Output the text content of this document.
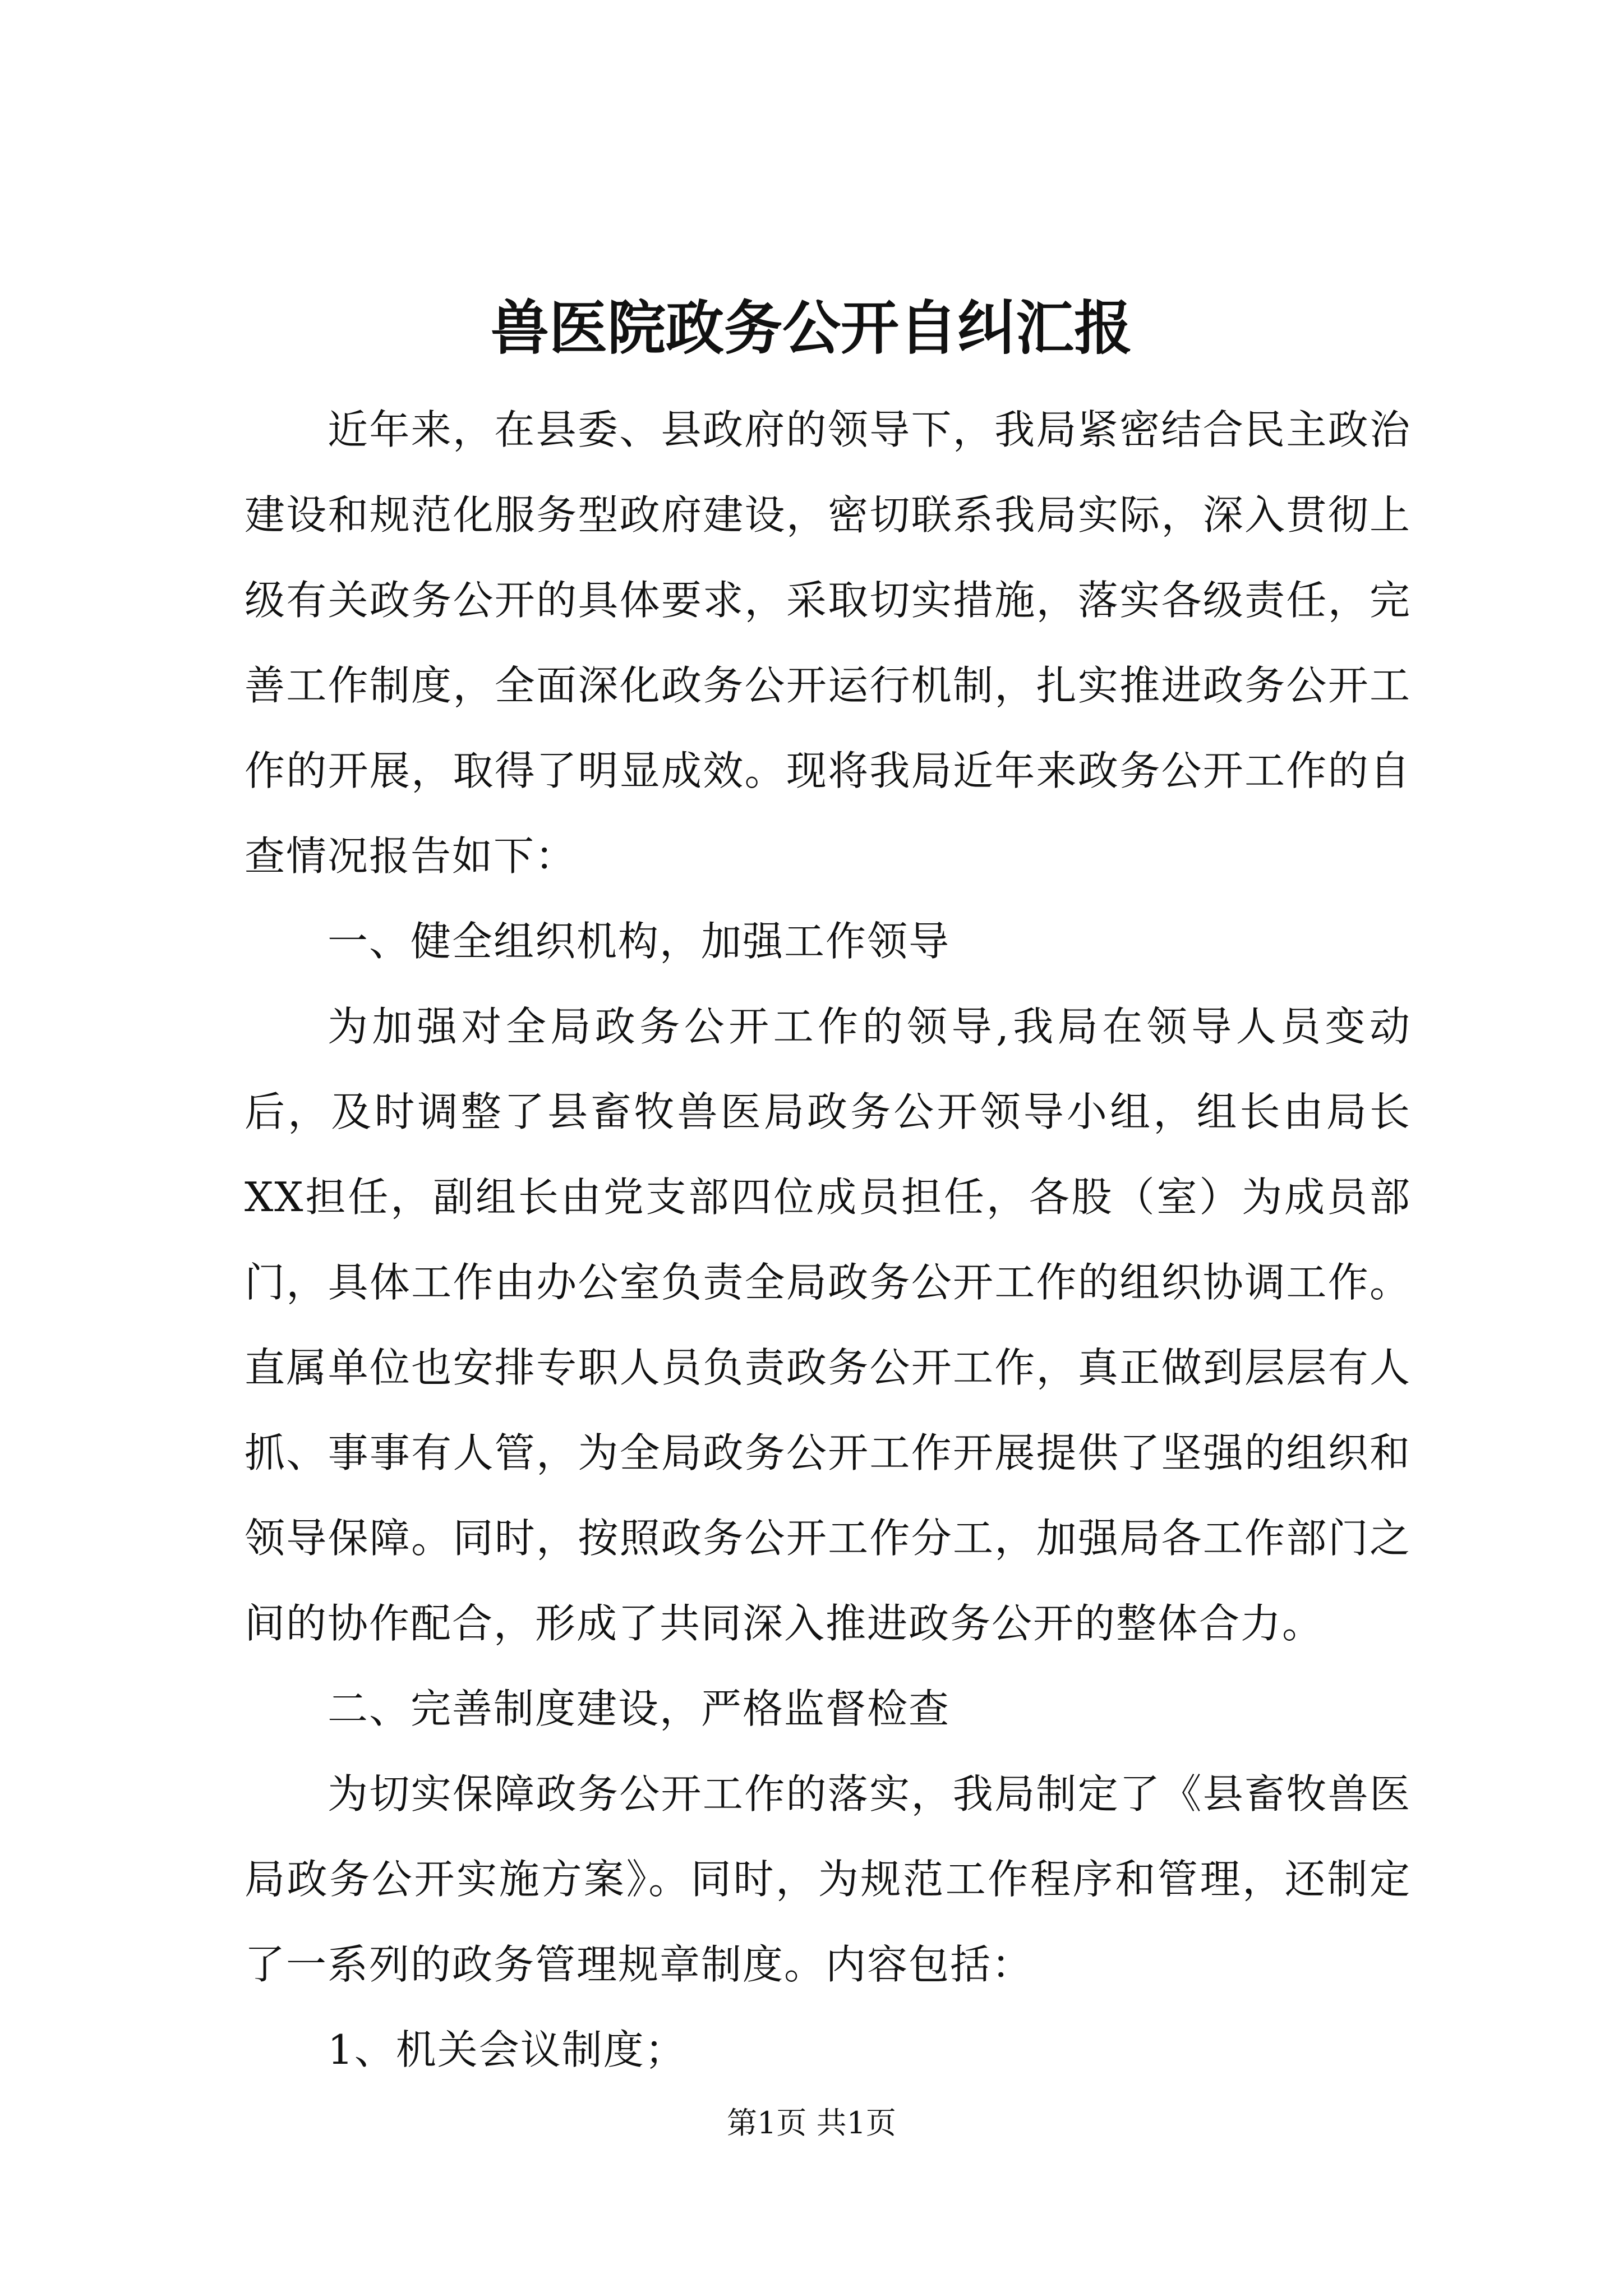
兽医院政务公开自纠汇报

近年来，在县委、县政府的领导下，我局紧密结合民主政治建设和规范化服务型政府建设，密切联系我局实际，深入贯彻上级有关政务公开的具体要求，采取切实措施，落实各级责任，完善工作制度，全面深化政务公开运行机制，扎实推进政务公开工作的开展，取得了明显成效。现将我局近年来政务公开工作的自查情况报告如下：

一、健全组织机构，加强工作领导

为加强对全局政务公开工作的领导,我局在领导人员变动后，及时调整了县畜牧兽医局政务公开领导小组，组长由局长XX担任，副组长由党支部四位成员担任，各股（室）为成员部门，具体工作由办公室负责全局政务公开工作的组织协调工作。直属单位也安排专职人员负责政务公开工作，真正做到层层有人抓、事事有人管，为全局政务公开工作开展提供了坚强的组织和领导保障。同时，按照政务公开工作分工，加强局各工作部门之间的协作配合，形成了共同深入推进政务公开的整体合力。

二、完善制度建设，严格监督检查

为切实保障政务公开工作的落实，我局制定了《县畜牧兽医局政务公开实施方案》。同时，为规范工作程序和管理，还制定了一系列的政务管理规章制度。内容包括：

1、机关会议制度；

第1页 共1页
